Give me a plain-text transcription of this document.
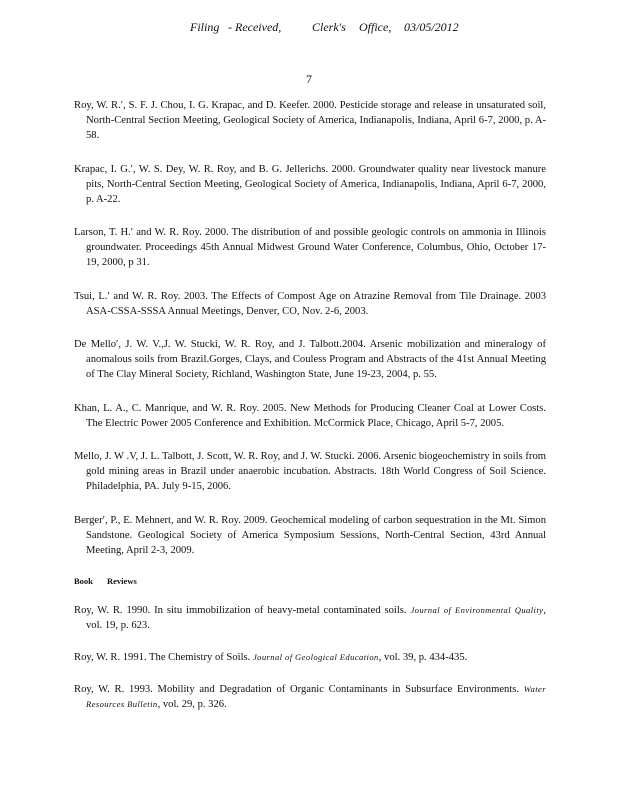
Filing - Received,	Clerk's Office, 03/05/2012
7

Roy, W. R.ʹ, S. F. J. Chou, I. G. Krapac, and D. Keefer. 2000. Pesticide storage and release in unsaturated soil, North-Central Section Meeting, Geological Society of America, Indianapolis, Indiana, April 6-7, 2000, p. A-58.

Krapac, I. G.ʹ, W. S. Dey, W. R. Roy, and B. G. Jellerichs. 2000. Groundwater quality near livestock manure pits, North-Central Section Meeting, Geological Society of America, Indianapolis, Indiana, April 6-7, 2000, p. A-22.

Larson, T. H.ʹ and W. R. Roy. 2000. The distribution of and possible geologic controls on ammonia in Illinois groundwater. Proceedings 45th Annual Midwest Ground Water Conference, Columbus, Ohio, October 17-19, 2000, p 31.

Tsui, L.ʹ and W. R. Roy. 2003. The Effects of Compost Age on Atrazine Removal from Tile Drainage. 2003 ASA-CSSA-SSSA Annual Meetings, Denver, CO, Nov. 2-6, 2003.

De Melloʹ, J. W. V.,J. W. Stucki, W. R. Roy, and J. Talbott.2004. Arsenic mobilization and mineralogy of anomalous soils from Brazil.Gorges, Clays, and Couless Program and Abstracts of the 41st Annual Meeting of The Clay Mineral Society, Richland, Washington State, June 19-23, 2004, p. 55.

Khan, L. A., C. Manrique, and W. R. Roy. 2005. New Methods for Producing Cleaner Coal at Lower Costs. The Electric Power 2005 Conference and Exhibition. McCormick Place, Chicago, April 5-7, 2005.

Mello, J. W .V, J. L. Talbott, J. Scott, W. R. Roy, and J. W. Stucki. 2006. Arsenic biogeochemistry in soils from gold mining areas in Brazil under anaerobic incubation. Abstracts. 18th World Congress of Soil Science. Philadelphia, PA. July 9-15, 2006.

Bergerʹ, P., E. Mehnert, and W. R. Roy. 2009. Geochemical modeling of carbon sequestration in the Mt. Simon Sandstone. Geological Society of America Symposium Sessions, North-Central Section, 43rd Annual Meeting, April 2-3, 2009.

Book Reviews

Roy, W. R. 1990. In situ immobilization of heavy-metal contaminated soils. Journal of Environmental Quality, vol. 19, p. 623.

Roy, W. R. 1991. The Chemistry of Soils. Journal of Geological Education, vol. 39, p. 434-435.

Roy, W. R. 1993. Mobility and Degradation of Organic Contaminants in Subsurface Environments. Water Resources Bulletin, vol. 29, p. 326.
